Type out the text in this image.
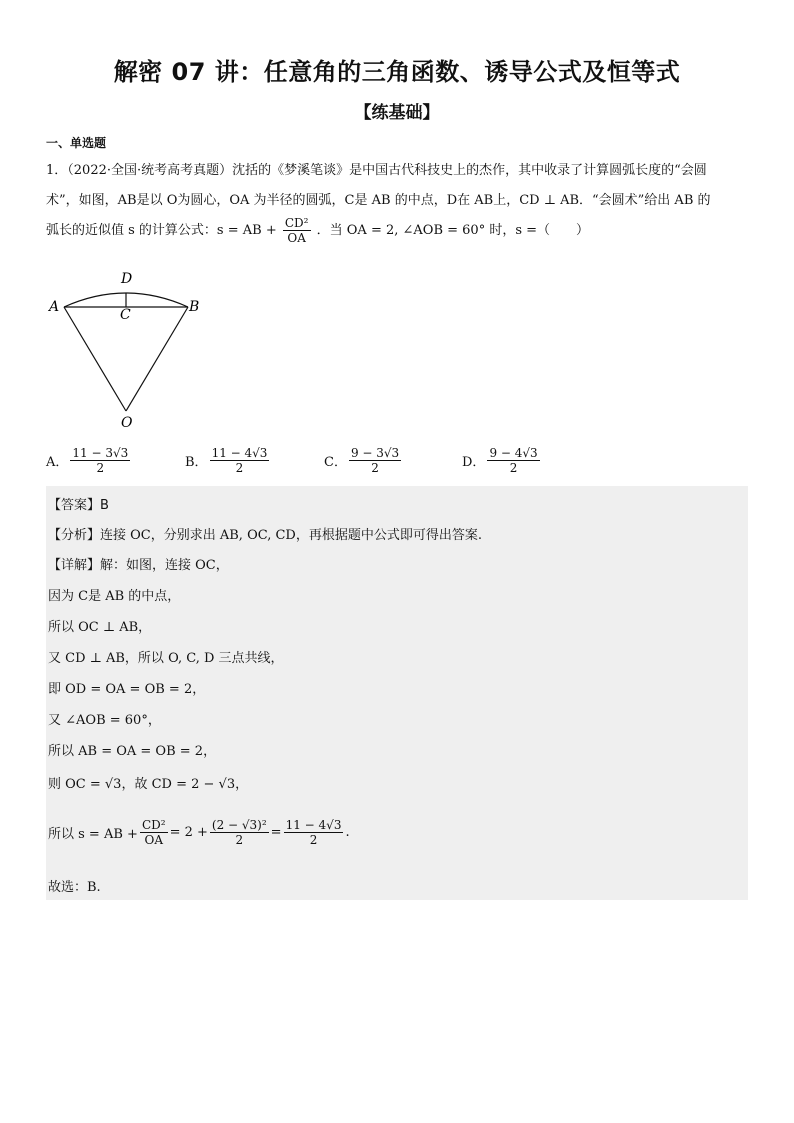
解密 07 讲：任意角的三角函数、诱导公式及恒等式
【练基础】
一、单选题
1．（2022·全国·统考高考真题）沈括的《梦溪笔谈》是中国古代科技史上的杰作，其中收录了计算圆弧长度的“会圆
术”，如图，AB是以 O为圆心，OA 为半径的圆弧，C是 AB 的中点，D在 AB上，CD ⊥ AB．“会圆术”给出 AB 的
弧长的近似值 s 的计算公式：s = AB + $\frac{\text{CD²}}{OA}$ ．当 OA = 2, ∠AOB = 60° 时，s =（　　）
A	B
C
D
O
A． $\frac{11 - 3√3}{2}$	B． $\frac{11 - 4√3}{2}$	C． $\frac{9 - 3√3}{2}$	D． $\frac{9 - 4√3}{2}$
【答案】B
【分析】连接 OC，分别求出 AB, OC, CD，再根据题中公式即可得出答案.
【详解】解：如图，连接 OC，
因为 C是 AB 的中点，
所以 OC ⊥ AB，
又 CD ⊥ AB，所以 O, C, D 三点共线，
即 OD = OA = OB = 2，
又 ∠AOB = 60°，
所以 AB = OA = OB = 2，
则 OC = √3，故 CD = 2 − √3，
所以 s = AB + $\frac{\text{CD²}}{OA} = 2 + \frac{\text{(2 − √3)²}}{2} = \frac{11 - 4√3}{2}$ .
故选：B.
